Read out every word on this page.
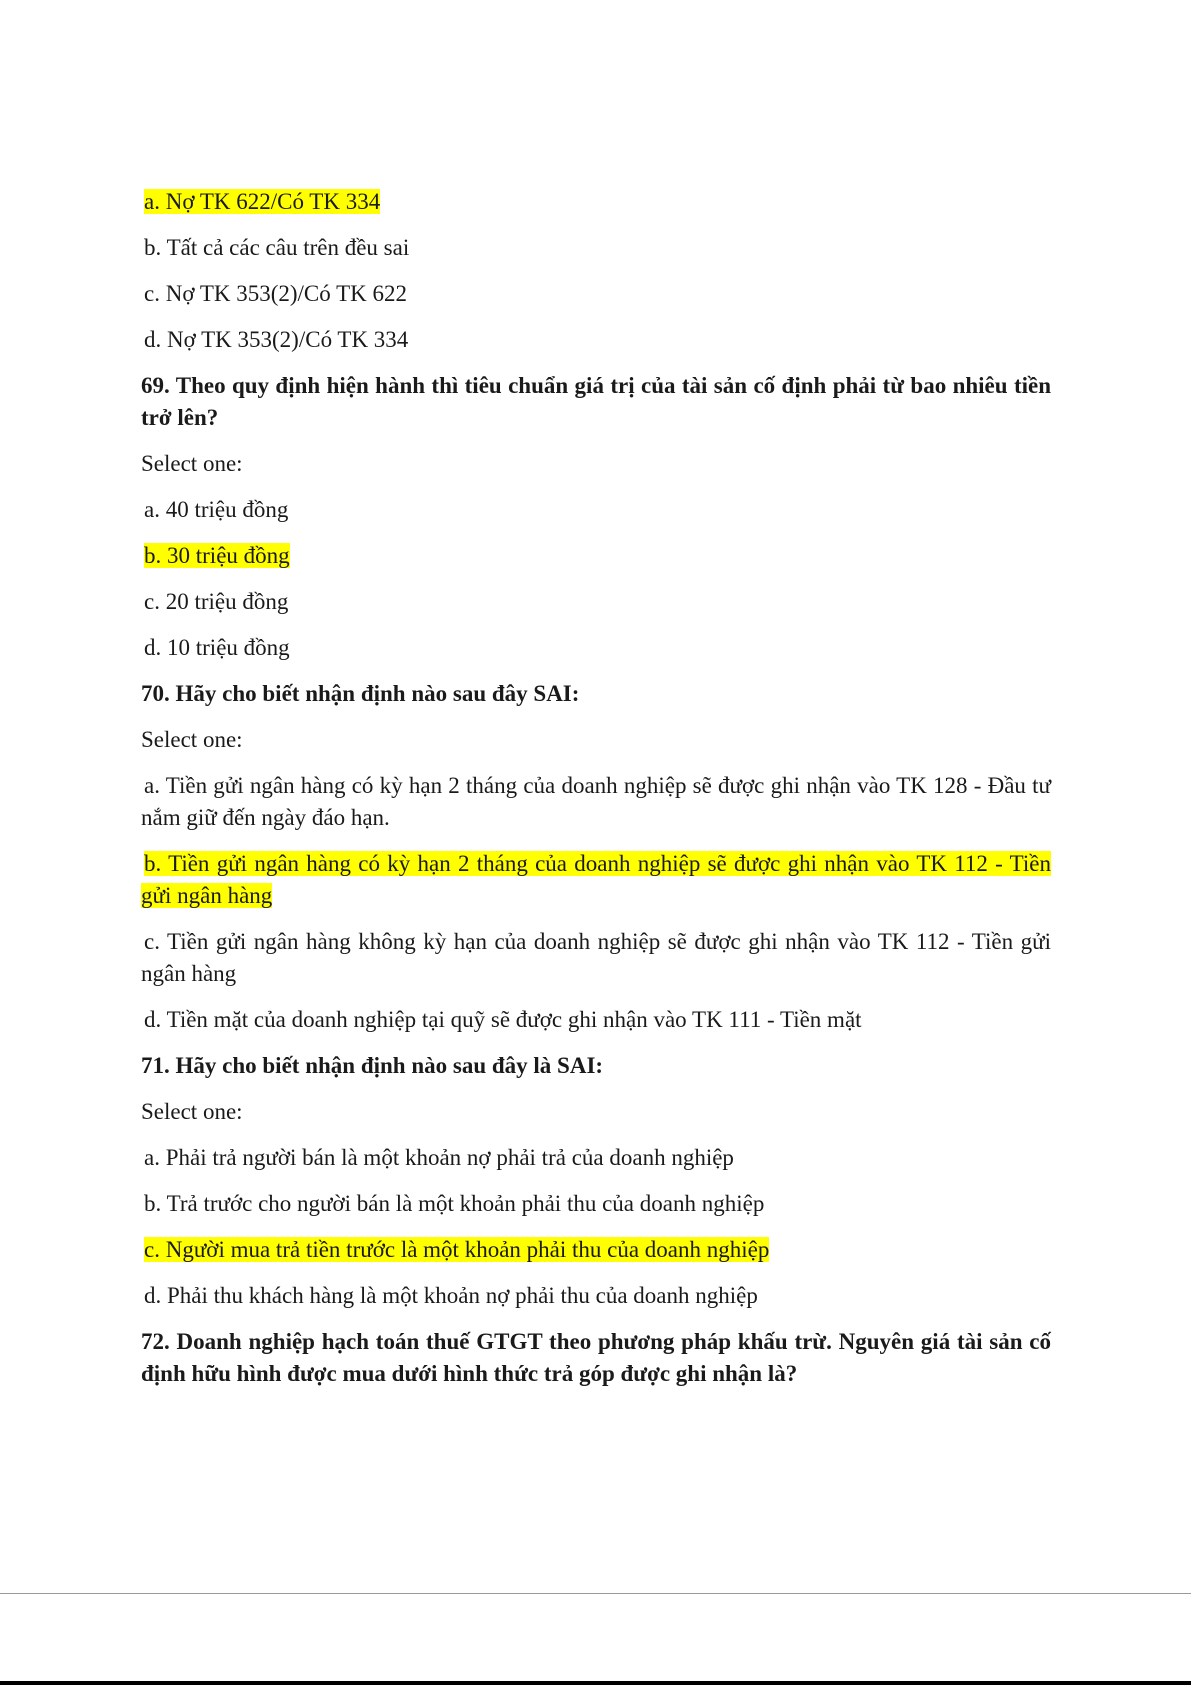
a. Nợ TK 622/Có TK 334
b. Tất cả các câu trên đều sai
c. Nợ TK 353(2)/Có TK 622
d. Nợ TK 353(2)/Có TK 334
69. Theo quy định hiện hành thì tiêu chuẩn giá trị của tài sản cố định phải từ bao nhiêu tiền trở lên?
Select one:
a. 40 triệu đồng
b. 30 triệu đồng
c. 20 triệu đồng
d. 10 triệu đồng
70. Hãy cho biết nhận định nào sau đây SAI:
Select one:
a. Tiền gửi ngân hàng có kỳ hạn 2 tháng của doanh nghiệp sẽ được ghi nhận vào TK 128 - Đầu tư nắm giữ đến ngày đáo hạn.
b. Tiền gửi ngân hàng có kỳ hạn 2 tháng của doanh nghiệp sẽ được ghi nhận vào TK 112 - Tiền gửi ngân hàng
c. Tiền gửi ngân hàng không kỳ hạn của doanh nghiệp sẽ được ghi nhận vào TK 112 - Tiền gửi ngân hàng
d. Tiền mặt của doanh nghiệp tại quỹ sẽ được ghi nhận vào TK 111 - Tiền mặt
71. Hãy cho biết nhận định nào sau đây là SAI:
Select one:
a. Phải trả người bán là một khoản nợ phải trả của doanh nghiệp
b. Trả trước cho người bán là một khoản phải thu của doanh nghiệp
c. Người mua trả tiền trước là một khoản phải thu của doanh nghiệp
d. Phải thu khách hàng là một khoản nợ phải thu của doanh nghiệp
72. Doanh nghiệp hạch toán thuế GTGT theo phương pháp khấu trừ. Nguyên giá tài sản cố định hữu hình được mua dưới hình thức trả góp được ghi nhận là?
